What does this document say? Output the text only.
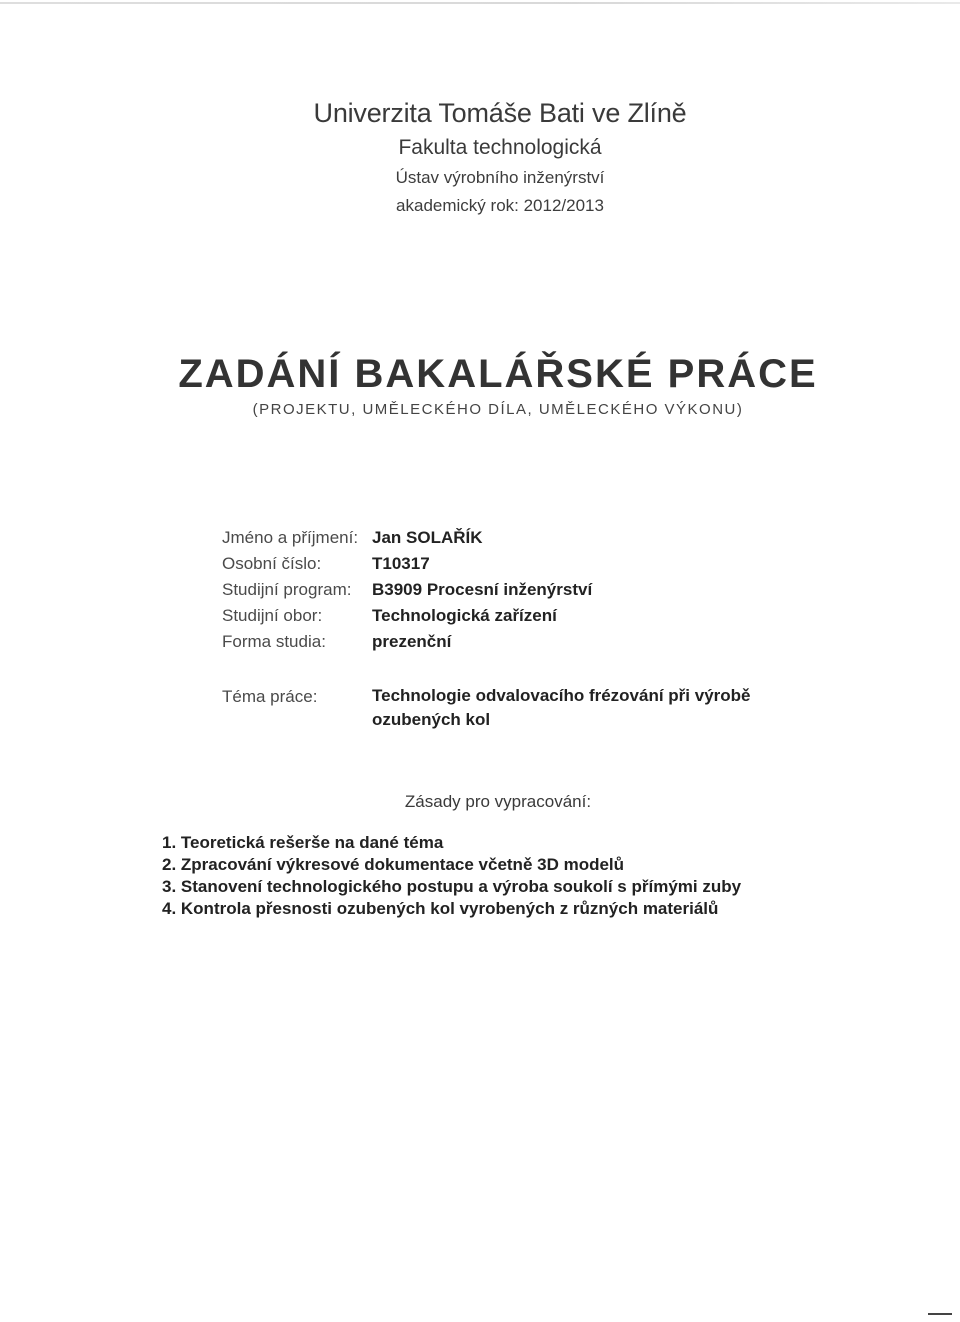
Univerzita Tomáše Bati ve Zlíně
Fakulta technologická
Ústav výrobního inženýrství
akademický rok: 2012/2013
ZADÁNÍ BAKALÁŘSKÉ PRÁCE
(PROJEKTU, UMĚLECKÉHO DÍLA, UMĚLECKÉHO VÝKONU)
Jméno a příjmení: Jan SOLAŘÍK
Osobní číslo:	T10317
Studijní program: B3909 Procesní inženýrství
Studijní obor:	Technologická zařízení
Forma studia:	prezenční
Téma práce:	Technologie odvalovacího frézování při výrobě ozubených kol
Zásady pro vypracování:
1. Teoretická rešerše na dané téma
2. Zpracování výkresové dokumentace včetně 3D modelů
3. Stanovení technologického postupu a výroba soukolí s přímými zuby
4. Kontrola přesnosti ozubených kol vyrobených z různých materiálů
